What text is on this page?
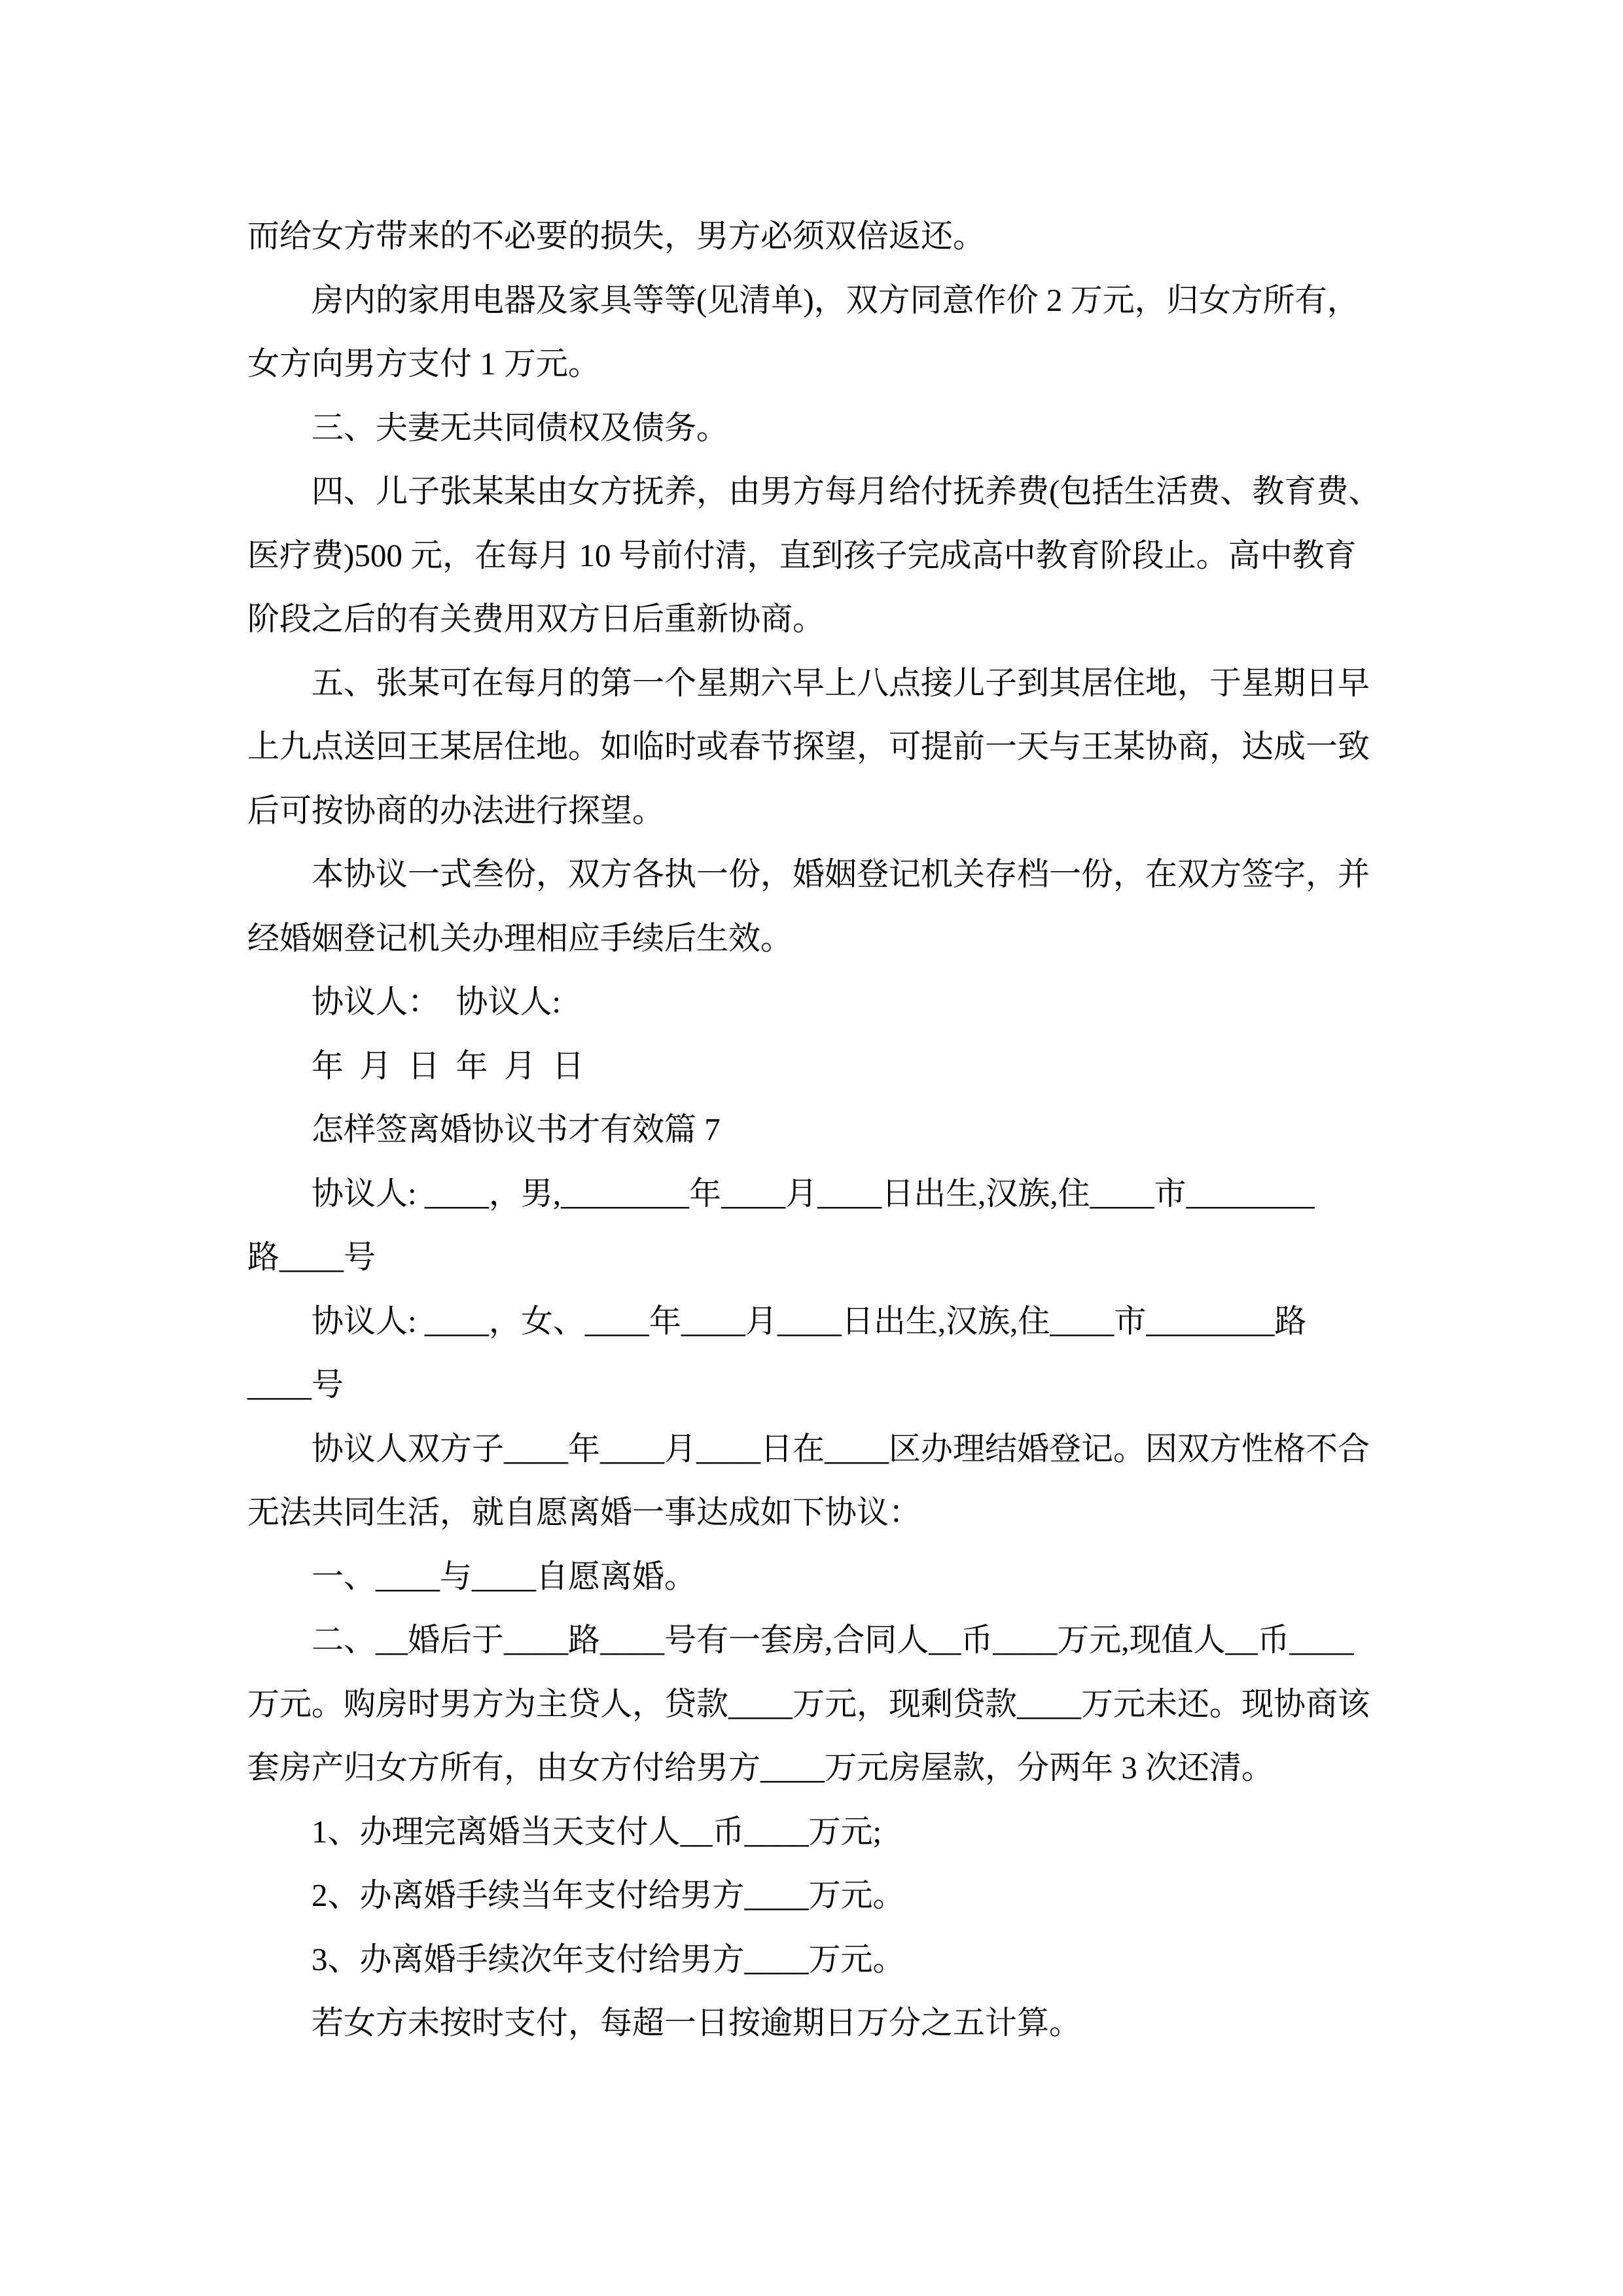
而给女方带来的不必要的损失，男方必须双倍返还。
房内的家用电器及家具等等(见清单)，双方同意作价 2 万元，归女方所有，
女方向男方支付 1 万元。
三、夫妻无共同债权及债务。
四、儿子张某某由女方抚养，由男方每月给付抚养费(包括生活费、教育费、
医疗费)500 元，在每月 10 号前付清，直到孩子完成高中教育阶段止。高中教育
阶段之后的有关费用双方日后重新协商。
五、张某可在每月的第一个星期六早上八点接儿子到其居住地，于星期日早
上九点送回王某居住地。如临时或春节探望，可提前一天与王某协商，达成一致
后可按协商的办法进行探望。
本协议一式叁份，双方各执一份，婚姻登记机关存档一份，在双方签字，并
经婚姻登记机关办理相应手续后生效。
协议人：  协议人:
年  月  日  年  月  日
怎样签离婚协议书才有效篇 7
协议人: ____，男,________年____月____日出生,汉族,住____市________
路____号
协议人: ____，女、____年____月____日出生,汉族,住____市________路
____号
协议人双方子____年____月____日在____区办理结婚登记。因双方性格不合
无法共同生活，就自愿离婚一事达成如下协议：
一、____与____自愿离婚。
二、__婚后于____路____号有一套房,合同人__币____万元,现值人__币____
万元。购房时男方为主贷人，贷款____万元，现剩贷款____万元未还。现协商该
套房产归女方所有，由女方付给男方____万元房屋款，分两年 3 次还清。
1、办理完离婚当天支付人__币____万元;
2、办离婚手续当年支付给男方____万元。
3、办离婚手续次年支付给男方____万元。
若女方未按时支付，每超一日按逾期日万分之五计算。
